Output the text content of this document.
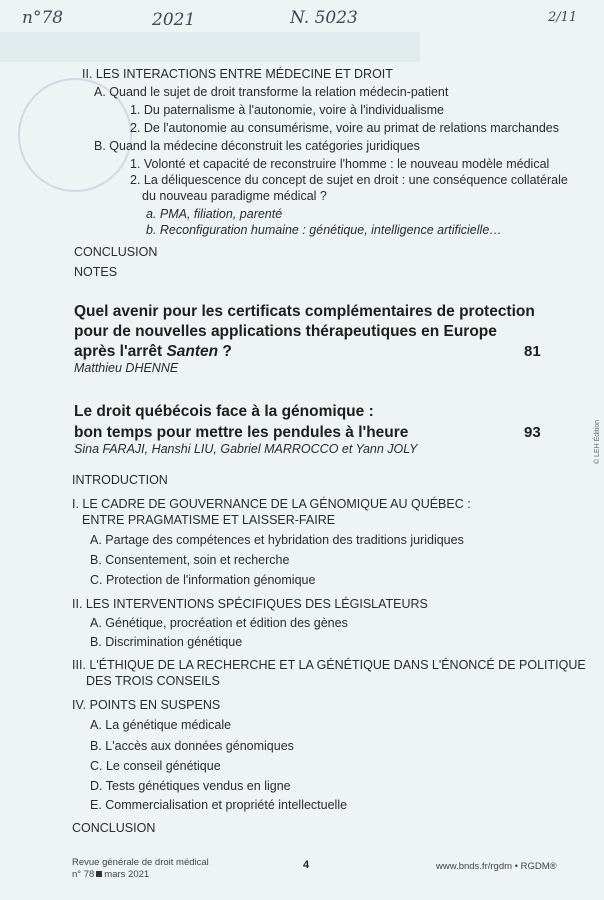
n°78	2021	N. 5023	2/11
II. LES INTERACTIONS ENTRE MÉDECINE ET DROIT
A. Quand le sujet de droit transforme la relation médecin-patient
1. Du paternalisme à l'autonomie, voire à l'individualisme
2. De l'autonomie au consumérisme, voire au primat de relations marchandes
B. Quand la médecine déconstruit les catégories juridiques
1. Volonté et capacité de reconstruire l'homme : le nouveau modèle médical
2. La déliquescence du concept de sujet en droit : une conséquence collatérale
du nouveau paradigme médical ?
a. PMA, filiation, parenté
b. Reconfiguration humaine : génétique, intelligence artificielle…
CONCLUSION
NOTES
Quel avenir pour les certificats complémentaires de protection
pour de nouvelles applications thérapeutiques en Europe
après l'arrêt Santen ?	81
Matthieu DHENNE
Le droit québécois face à la génomique :
bon temps pour mettre les pendules à l'heure	93
Sina FARAJI, Hanshi LIU, Gabriel MARROCCO et Yann JOLY
INTRODUCTION
I. LE CADRE DE GOUVERNANCE DE LA GÉNOMIQUE AU QUÉBEC :
ENTRE PRAGMATISME ET LAISSER-FAIRE
A. Partage des compétences et hybridation des traditions juridiques
B. Consentement, soin et recherche
C. Protection de l'information génomique
II. LES INTERVENTIONS SPÉCIFIQUES DES LÉGISLATEURS
A. Génétique, procréation et édition des gènes
B. Discrimination génétique
III. L'ÉTHIQUE DE LA RECHERCHE ET LA GÉNÉTIQUE DANS L'ÉNONCÉ DE POLITIQUE
DES TROIS CONSEILS
IV. POINTS EN SUSPENS
A. La génétique médicale
B. L'accès aux données génomiques
C. Le conseil génétique
D. Tests génétiques vendus en ligne
E. Commercialisation et propriété intellectuelle
CONCLUSION
Revue générale de droit médical
n° 78 mars 2021
4	www.bnds.fr/rgdm • RGDM®
© LEH Édition
